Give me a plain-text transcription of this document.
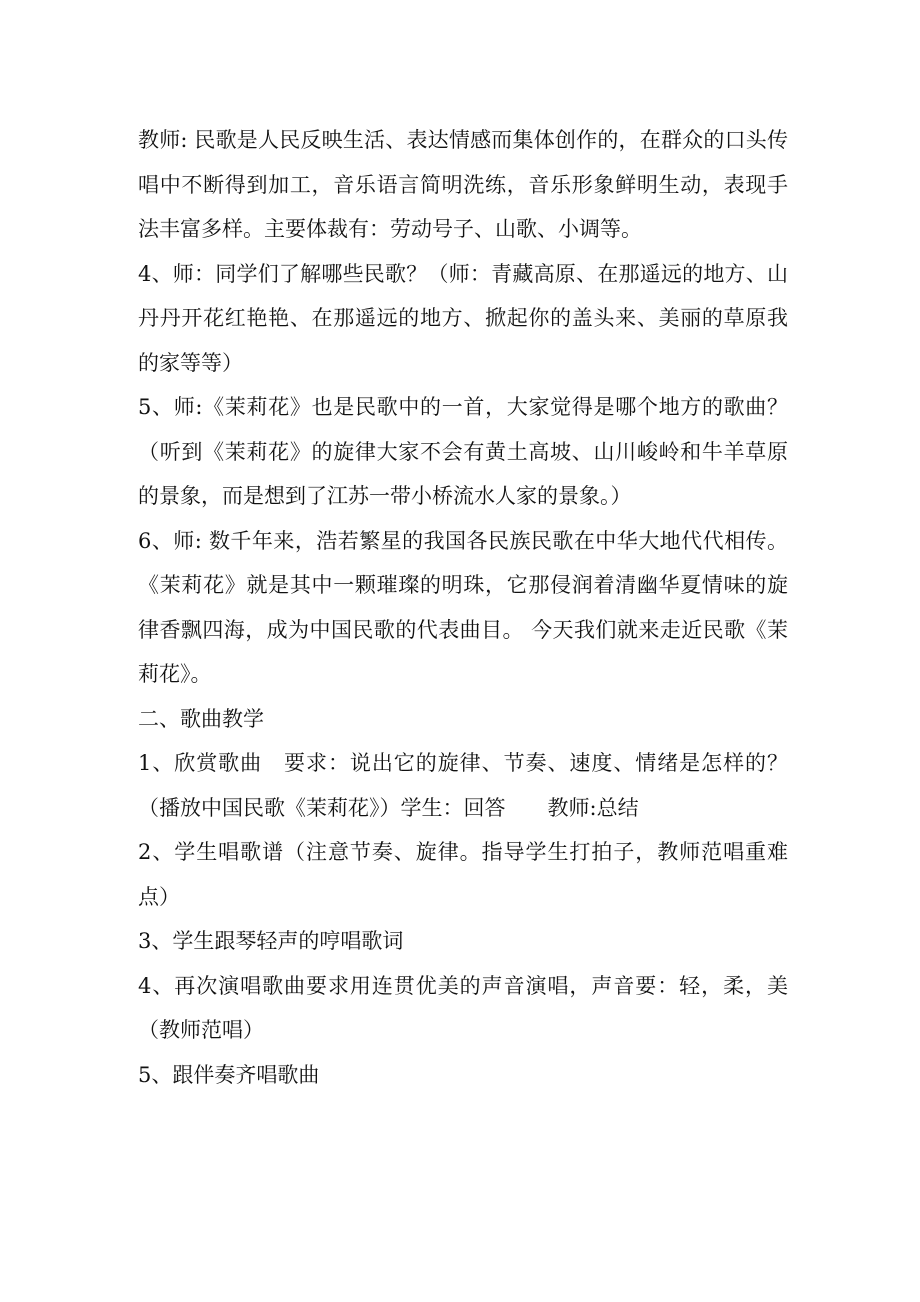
教师: 民歌是人民反映生活、表达情感而集体创作的，在群众的口头传唱中不断得到加工，音乐语言简明洗练，音乐形象鲜明生动，表现手法丰富多样。主要体裁有：劳动号子、山歌、小调等。

4、师：同学们了解哪些民歌？（师：青藏高原、在那遥远的地方、山丹丹开花红艳艳、在那遥远的地方、掀起你的盖头来、美丽的草原我的家等等）

5、师:《茉莉花》也是民歌中的一首，大家觉得是哪个地方的歌曲？（听到《茉莉花》的旋律大家不会有黄土高坡、山川峻岭和牛羊草原的景象，而是想到了江苏一带小桥流水人家的景象。）

6、师: 数千年来，浩若繁星的我国各民族民歌在中华大地代代相传。《茉莉花》就是其中一颗璀璨的明珠，它那侵润着清幽华夏情味的旋律香飘四海，成为中国民歌的代表曲目。 今天我们就来走近民歌《茉莉花》。

二、歌曲教学

1、欣赏歌曲　要求：说出它的旋律、节奏、速度、情绪是怎样的？（播放中国民歌《茉莉花》）学生：回答　　教师:总结

2、学生唱歌谱（注意节奏、旋律。指导学生打拍子，教师范唱重难点）

3、学生跟琴轻声的哼唱歌词

4、再次演唱歌曲要求用连贯优美的声音演唱，声音要：轻，柔，美（教师范唱）

5、跟伴奏齐唱歌曲
